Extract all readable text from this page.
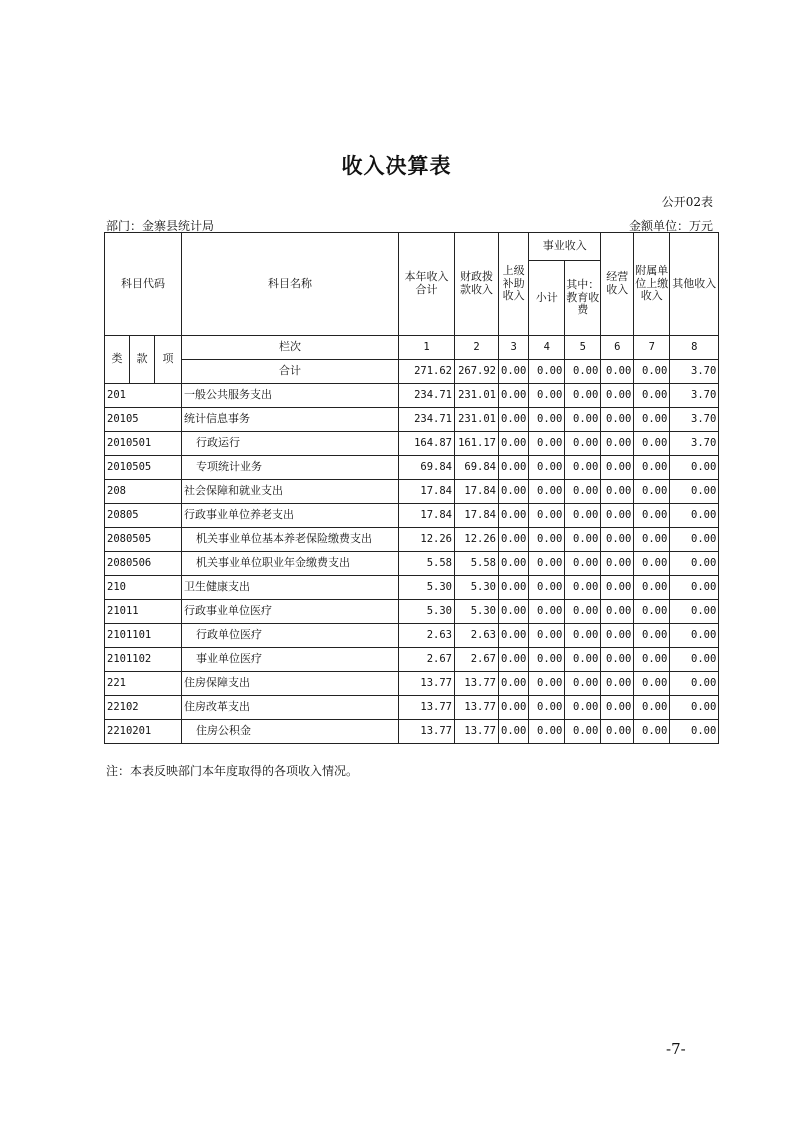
收入决算表
公开02表
部门：金寨县统计局	金额单位：万元
科目代码			科目名称	本年收入合计	财政拨款收入	上级补助收入	事业收入		经营收入	附属单位上缴收入	其他收入
							小计	其中：教育收费			
类	款	项	栏次	1	2	3	4	5	6	7	8
			合计	271.62	267.92	0.00	0.00	0.00	0.00	0.00	3.70
201			一般公共服务支出	234.71	231.01	0.00	0.00	0.00	0.00	0.00	3.70
20105			统计信息事务	234.71	231.01	0.00	0.00	0.00	0.00	0.00	3.70
2010501			行政运行	164.87	161.17	0.00	0.00	0.00	0.00	0.00	3.70
2010505			专项统计业务	69.84	69.84	0.00	0.00	0.00	0.00	0.00	0.00
208			社会保障和就业支出	17.84	17.84	0.00	0.00	0.00	0.00	0.00	0.00
20805			行政事业单位养老支出	17.84	17.84	0.00	0.00	0.00	0.00	0.00	0.00
2080505			机关事业单位基本养老保险缴费支出	12.26	12.26	0.00	0.00	0.00	0.00	0.00	0.00
2080506			机关事业单位职业年金缴费支出	5.58	5.58	0.00	0.00	0.00	0.00	0.00	0.00
210			卫生健康支出	5.30	5.30	0.00	0.00	0.00	0.00	0.00	0.00
21011			行政事业单位医疗	5.30	5.30	0.00	0.00	0.00	0.00	0.00	0.00
2101101			行政单位医疗	2.63	2.63	0.00	0.00	0.00	0.00	0.00	0.00
2101102			事业单位医疗	2.67	2.67	0.00	0.00	0.00	0.00	0.00	0.00
221			住房保障支出	13.77	13.77	0.00	0.00	0.00	0.00	0.00	0.00
22102			住房改革支出	13.77	13.77	0.00	0.00	0.00	0.00	0.00	0.00
2210201			住房公积金	13.77	13.77	0.00	0.00	0.00	0.00	0.00	0.00
注：本表反映部门本年度取得的各项收入情况。
-7-
